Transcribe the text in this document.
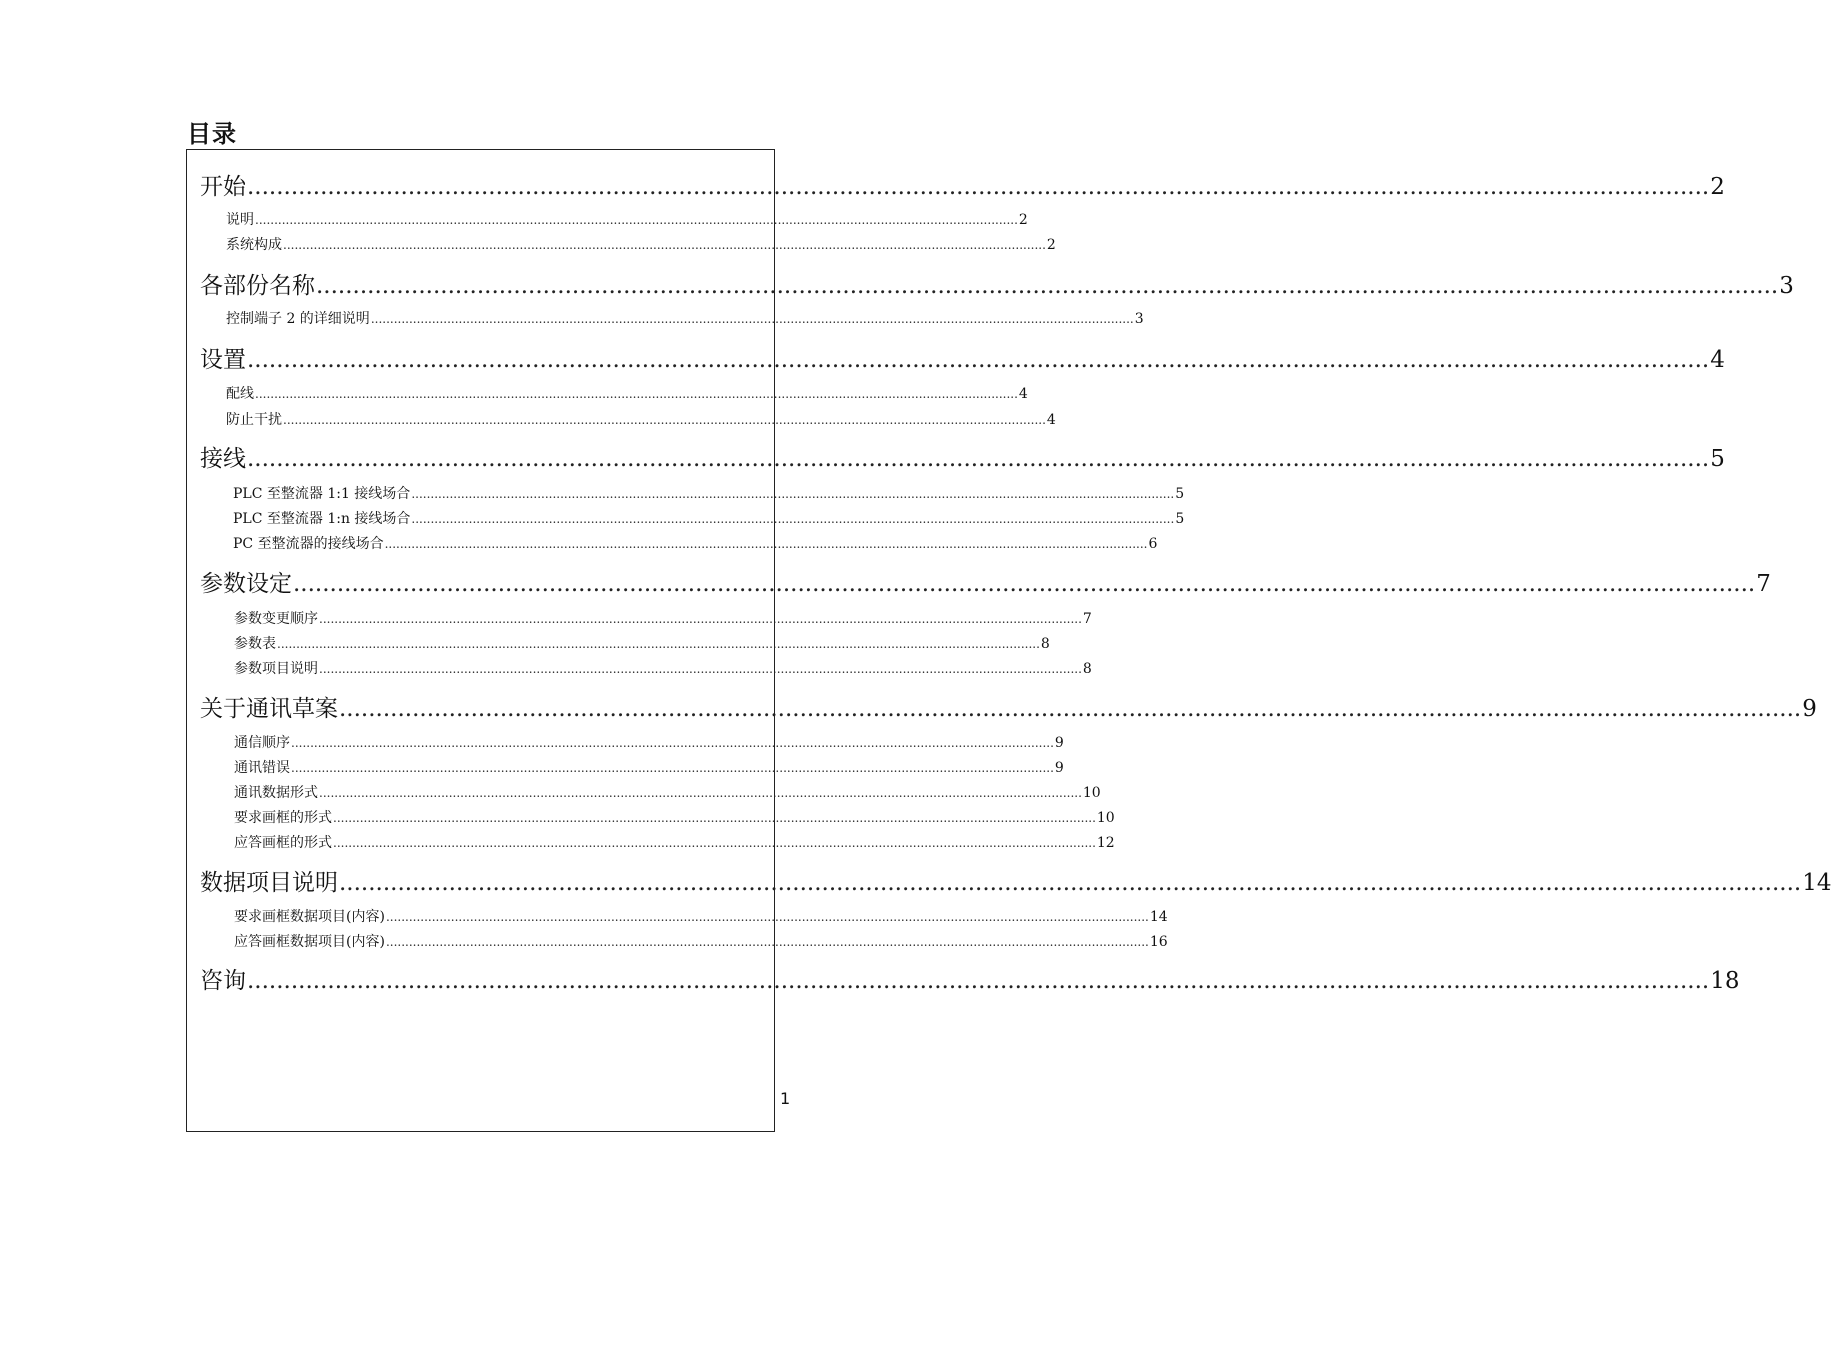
目录
开始 ........................................................................................................................................................................................................ 2
说明 ........................................................................................................................................................................................................ 2
系统构成 ........................................................................................................................................................................................................ 2
各部份名称 ........................................................................................................................................................................................................ 3
控制端子 2 的详细说明 ........................................................................................................................................................................................................ 3
设置 ........................................................................................................................................................................................................ 4
配线 ........................................................................................................................................................................................................ 4
防止干扰 ........................................................................................................................................................................................................ 4
接线 ........................................................................................................................................................................................................ 5
PLC 至整流器 1:1 接线场合 ........................................................................................................................................................................................................ 5
PLC 至整流器 1:n 接线场合 ........................................................................................................................................................................................................ 5
PC 至整流器的接线场合 ........................................................................................................................................................................................................ 6
参数设定 ........................................................................................................................................................................................................ 7
参数变更顺序 ........................................................................................................................................................................................................ 7
参数表 ........................................................................................................................................................................................................ 8
参数项目说明 ........................................................................................................................................................................................................ 8
关于通讯草案 ........................................................................................................................................................................................................ 9
通信顺序 ........................................................................................................................................................................................................ 9
通讯错误 ........................................................................................................................................................................................................ 9
通讯数据形式 ........................................................................................................................................................................................................ 10
要求画框的形式 ........................................................................................................................................................................................................ 10
应答画框的形式 ........................................................................................................................................................................................................ 12
数据项目说明 ........................................................................................................................................................................................................ 14
要求画框数据项目(内容) ........................................................................................................................................................................................................ 14
应答画框数据项目(内容) ........................................................................................................................................................................................................ 16
咨询 ........................................................................................................................................................................................................ 18
1
